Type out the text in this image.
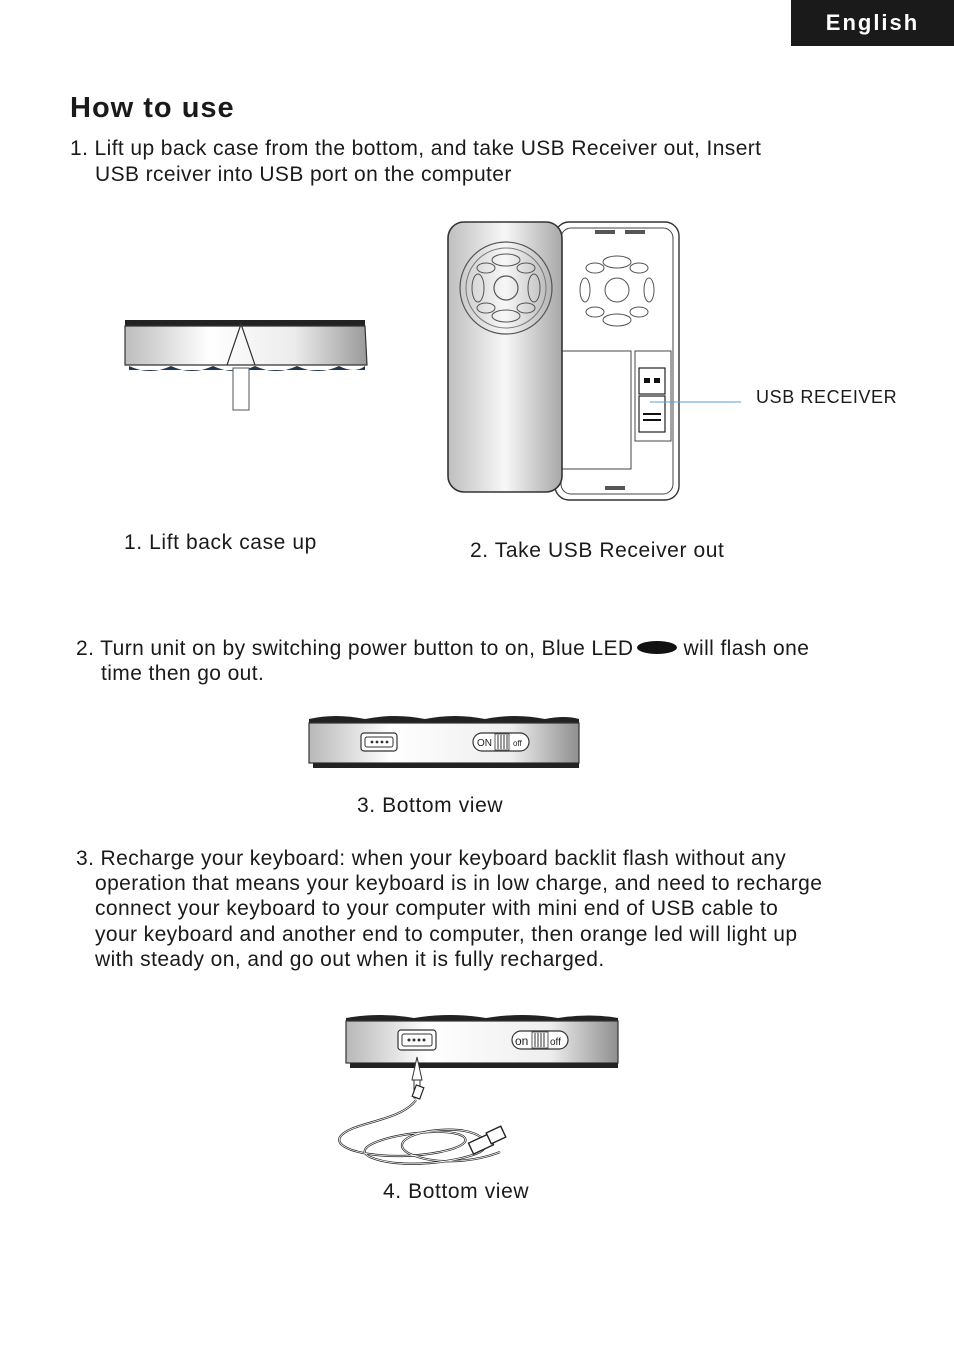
English
How to use
1. Lift up back case from the bottom, and take USB Receiver out, Insert
USB rceiver into USB port on the computer
USB RECEIVER
1. Lift back case up	2. Take USB Receiver out
2. Turn unit on by switching power button to on, Blue LED will flash one
time then go out.
ON	off
3. Bottom view
3. Recharge your keyboard: when your keyboard backlit flash without any
operation that means your keyboard is in low charge, and need to recharge
connect your keyboard to your computer with mini end of USB cable to
your keyboard and another end to computer, then orange led will light up
with steady on, and go out when it is fully recharged.
on off
4. Bottom view
